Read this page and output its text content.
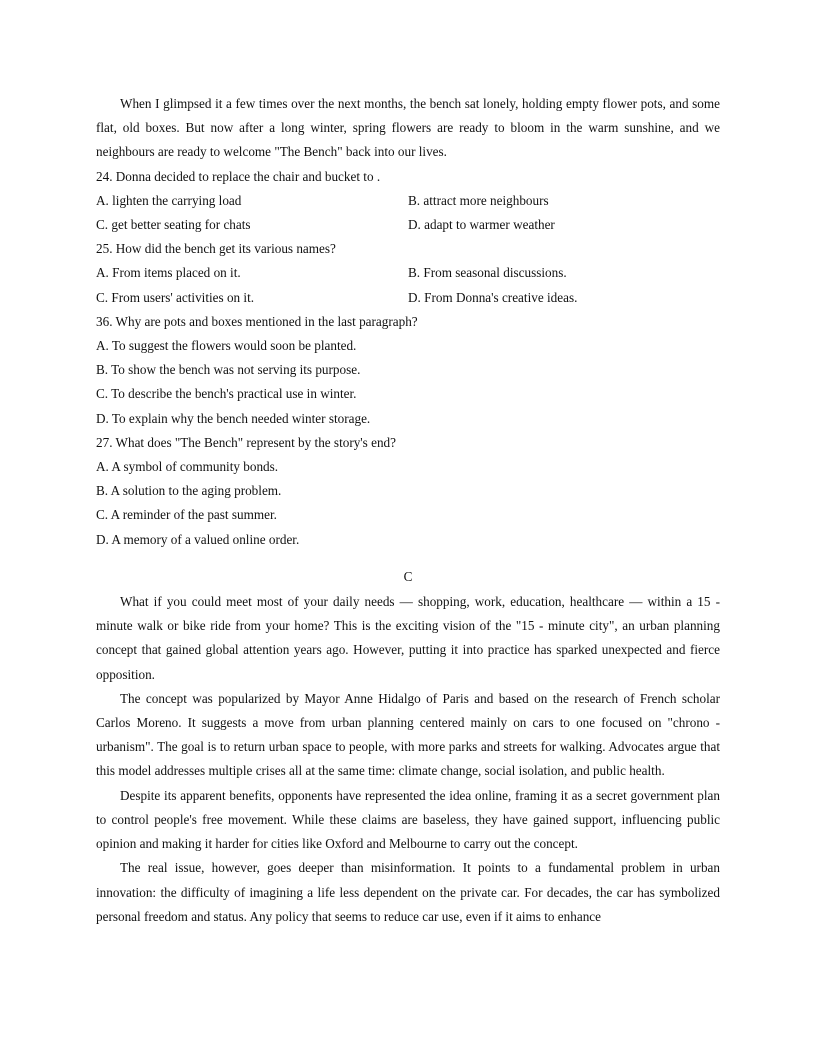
When I glimpsed it a few times over the next months, the bench sat lonely, holding empty flower pots, and some flat, old boxes. But now after a long winter, spring flowers are ready to bloom in the warm sunshine, and we neighbours are ready to welcome "The Bench" back into our lives.

24. Donna decided to replace the chair and bucket to .

A. lighten the carrying load	B. attract more neighbours
C. get better seating for chats	D. adapt to warmer weather

25. How did the bench get its various names?

A. From items placed on it.	B. From seasonal discussions.
C. From users' activities on it.	D. From Donna's creative ideas.

36. Why are pots and boxes mentioned in the last paragraph?

A. To suggest the flowers would soon be planted.

B. To show the bench was not serving its purpose.

C. To describe the bench's practical use in winter.

D. To explain why the bench needed winter storage.

27. What does "The Bench" represent by the story's end?

A. A symbol of community bonds.

B. A solution to the aging problem.

C. A reminder of the past summer.

D. A memory of a valued online order.

C

What if you could meet most of your daily needs — shopping, work, education, healthcare — within a 15 - minute walk or bike ride from your home? This is the exciting vision of the "15 - minute city", an urban planning concept that gained global attention years ago. However, putting it into practice has sparked unexpected and fierce opposition.

The concept was popularized by Mayor Anne Hidalgo of Paris and based on the research of French scholar Carlos Moreno. It suggests a move from urban planning centered mainly on cars to one focused on "chrono - urbanism". The goal is to return urban space to people, with more parks and streets for walking. Advocates argue that this model addresses multiple crises all at the same time: climate change, social isolation, and public health.

Despite its apparent benefits, opponents have represented the idea online, framing it as a secret government plan to control people's free movement. While these claims are baseless, they have gained support, influencing public opinion and making it harder for cities like Oxford and Melbourne to carry out the concept.

The real issue, however, goes deeper than misinformation. It points to a fundamental problem in urban innovation: the difficulty of imagining a life less dependent on the private car. For decades, the car has symbolized personal freedom and status. Any policy that seems to reduce car use, even if it aims to enhance
